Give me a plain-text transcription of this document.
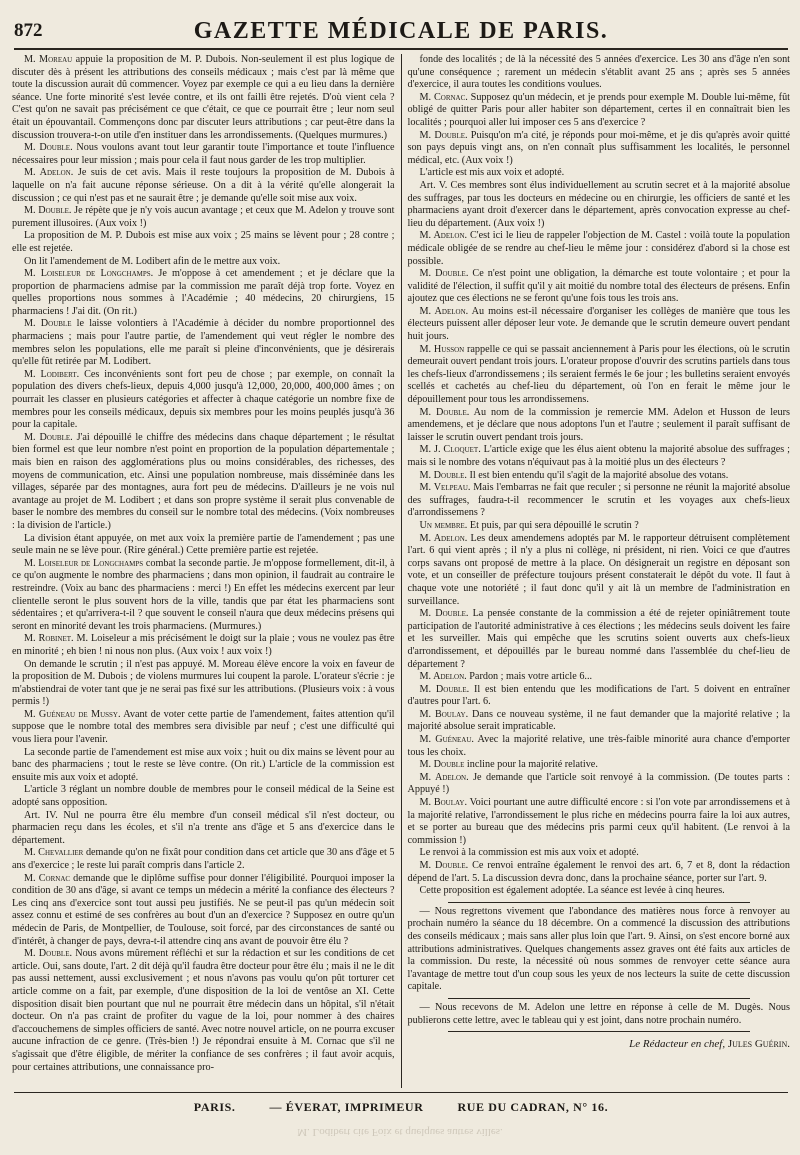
872	GAZETTE MÉDICALE DE PARIS.

M. Moreau appuie la proposition de M. P. Dubois. Non-seulement il est plus logique de discuter dès à présent les attributions des conseils médicaux ; mais c'est par là même que toute la discussion aurait dû commencer. Voyez par exemple ce qui a eu lieu dans la dernière séance. Une forte minorité s'est levée contre, et ils ont failli être rejetés. D'où vient cela ? C'est qu'on ne savait pas précisément ce que c'était, ce que ce pourrait être ; leur nom seul était un épouvantail. Commençons donc par discuter leurs attributions ; car peut-être dans la discussion trouvera-t-on utile d'en instituer dans les arrondissements. (Quelques murmures.)

M. Double. Nous voulons avant tout leur garantir toute l'importance et toute l'influence nécessaires pour leur mission ; mais pour cela il faut nous garder de les trop multiplier.

M. Adelon. Je suis de cet avis. Mais il reste toujours la proposition de M. Dubois à laquelle on n'a fait aucune réponse sérieuse. On a dit à la vérité qu'elle alongerait la discussion ; ce qui n'est pas et ne saurait être ; je demande qu'elle soit mise aux voix.

M. Double. Je répète que je n'y vois aucun avantage ; et ceux que M. Adelon y trouve sont purement illusoires. (Aux voix !)

La proposition de M. P. Dubois est mise aux voix ; 25 mains se lèvent pour ; 28 contre ; elle est rejetée.

On lit l'amendement de M. Lodibert afin de le mettre aux voix.

M. Loiseleur de Longchamps. Je m'oppose à cet amendement ; et je déclare que la proportion de pharmaciens admise par la commission me paraît déjà trop forte. Voyez en quelles proportions nous sommes à l'Académie ; 40 médecins, 20 chirurgiens, 15 pharmaciens ! J'ai dit. (On rit.)

M. Double le laisse volontiers à l'Académie à décider du nombre proportionnel des pharmaciens ; mais pour l'autre partie, de l'amendement qui veut régler le nombre des membres selon les populations, elle me paraît si pleine d'inconvénients, que je désirerais qu'elle fût retirée par M. Lodibert.

M. Lodibert. Ces inconvénients sont fort peu de chose ; par exemple, on connaît la population des divers chefs-lieux, depuis 4,000 jusqu'à 12,000, 20,000, 400,000 âmes ; on pourrait les classer en plusieurs catégories et affecter à chaque catégorie un nombre fixe de membres pour les conseils médicaux, depuis six membres pour les moins peuplés jusqu'à 36 pour la capitale.

M. Double. J'ai dépouillé le chiffre des médecins dans chaque département ; le résultat bien formel est que leur nombre n'est point en proportion de la population départementale ; mais bien en raison des agglomérations plus ou moins considérables, des richesses, des moyens de communication, etc. Ainsi une population nombreuse, mais disséminée dans les villages, séparée par des montagnes, aura fort peu de médecins. D'ailleurs je ne vois nul avantage au projet de M. Lodibert ; et dans son propre système il serait plus convenable de baser le nombre des membres du conseil sur le nombre total des médecins. (Voix nombreuses : la division de l'article.)

La division étant appuyée, on met aux voix la première partie de l'amendement ; pas une seule main ne se lève pour. (Rire général.) Cette première partie est rejetée.

M. Loiseleur de Longchamps combat la seconde partie. Je m'oppose formellement, dit-il, à ce qu'on augmente le nombre des pharmaciens ; dans mon opinion, il faudrait au contraire le restreindre. (Voix au banc des pharmaciens : merci !) En effet les médecins exercent par leur clientelle seront le plus souvent hors de la ville, tandis que par état les pharmaciens sont sédentaires ; et qu'arrivera-t-il ? que souvent le conseil n'aura que deux médecins présens qui seront en minorité devant les trois pharmaciens. (Murmures.)

M. Robinet. M. Loiseleur a mis précisément le doigt sur la plaie ; vous ne voulez pas être en minorité ; eh bien ! ni nous non plus. (Aux voix ! aux voix !)

On demande le scrutin ; il n'est pas appuyé. M. Moreau élève encore la voix en faveur de la proposition de M. Dubois ; de violens murmures lui coupent la parole. L'orateur s'écrie : je m'abstiendrai de voter tant que je ne serai pas fixé sur les attributions. (Plusieurs voix : à vous permis !)

M. Guéneau de Mussy. Avant de voter cette partie de l'amendement, faites attention qu'il suppose que le nombre total des membres sera divisible par neuf ; c'est une difficulté qui vous liera pour l'avenir.

La seconde partie de l'amendement est mise aux voix ; huit ou dix mains se lèvent pour au banc des pharmaciens ; tout le reste se lève contre. (On rit.) L'article de la commission est ensuite mis aux voix et adopté.

L'article 3 réglant un nombre double de membres pour le conseil médical de la Seine est adopté sans opposition.

Art. IV. Nul ne pourra être élu membre d'un conseil médical s'il n'est docteur, ou pharmacien reçu dans les écoles, et s'il n'a trente ans d'âge et 5 ans d'exercice dans le département.

M. Chevallier demande qu'on ne fixât pour condition dans cet article que 30 ans d'âge et 5 ans d'exercice ; le reste lui paraît compris dans l'article 2.

M. Cornac demande que le diplôme suffise pour donner l'éligibilité. Pourquoi imposer la condition de 30 ans d'âge, si avant ce temps un médecin a mérité la confiance des électeurs ? Les cinq ans d'exercice sont tout aussi peu justifiés. Ne se peut-il pas qu'un médecin soit assez connu et estimé de ses confrères au bout d'un an d'exercice ? Supposez en outre qu'un médecin de Paris, de Montpellier, de Toulouse, soit forcé, par des circonstances de santé ou d'intérêt, à changer de pays, devra-t-il attendre cinq ans avant de pouvoir être élu ?

M. Double. Nous avons mûrement réfléchi et sur la rédaction et sur les conditions de cet article. Oui, sans doute, l'art. 2 dit déjà qu'il faudra être docteur pour être élu ; mais il ne le dit pas aussi nettement, aussi exclusivement ; et nous n'avons pas voulu qu'on pût torturer cet article comme on a fait, par exemple, d'une disposition de la loi de ventôse an XI. Cette disposition disait bien pourtant que nul ne pourrait être médecin dans un hôpital, s'il n'était docteur. On n'a pas craint de profiter du vague de la loi, pour nommer à des chaires d'accouchemens de simples officiers de santé. Avec notre nouvel article, on ne pourra excuser aucune infraction de ce genre. (Très-bien !) Je répondrai ensuite à M. Cornac que s'il ne s'agissait que d'être éligible, de mériter la confiance de ses confrères ; il faut avoir acquis, pour certaines attributions, une connaissance pro-

fonde des localités ; de là la nécessité des 5 années d'exercice. Les 30 ans d'âge n'en sont qu'une conséquence ; rarement un médecin s'établit avant 25 ans ; après ses 5 années d'exercice, il aura toutes les conditions voulues.

M. Cornac. Supposez qu'un médecin, et je prends pour exemple M. Double lui-même, fût obligé de quitter Paris pour aller habiter son département, certes il en connaîtrait bien les localités ; pourquoi aller lui imposer ces 5 ans d'exercice ?

M. Double. Puisqu'on m'a cité, je réponds pour moi-même, et je dis qu'après avoir quitté son pays depuis vingt ans, on n'en connaît plus suffisamment les localités, le personnel médical, etc. (Aux voix !)

L'article est mis aux voix et adopté.

Art. V. Ces membres sont élus individuellement au scrutin secret et à la majorité absolue des suffrages, par tous les docteurs en médecine ou en chirurgie, les officiers de santé et les pharmaciens ayant droit d'exercer dans le département, après convocation expresse au chef-lieu du département. (Aux voix !)

M. Adelon. C'est ici le lieu de rappeler l'objection de M. Castel : voilà toute la population médicale obligée de se rendre au chef-lieu le même jour : considérez d'abord si la chose est possible.

M. Double. Ce n'est point une obligation, la démarche est toute volontaire ; et pour la validité de l'élection, il suffit qu'il y ait moitié du nombre total des électeurs de présens. Enfin ajoutez que ces élections ne se feront qu'une fois tous les trois ans.

M. Adelon. Au moins est-il nécessaire d'organiser les collèges de manière que tous les électeurs puissent aller déposer leur vote. Je demande que le scrutin demeure ouvert pendant huit jours.

M. Husson rappelle ce qui se passait anciennement à Paris pour les élections, où le scrutin demeurait ouvert pendant trois jours. L'orateur propose d'ouvrir des scrutins partiels dans tous les chefs-lieux d'arrondissemens ; ils seraient fermés le 6e jour ; les bulletins seraient envoyés scellés et cachetés au chef-lieu du département, où l'on en ferait le même jour le dépouillement pour tous les arrondissemens.

M. Double. Au nom de la commission je remercie MM. Adelon et Husson de leurs amendemens, et je déclare que nous adoptons l'un et l'autre ; seulement il paraît suffisant de laisser le scrutin ouvert pendant trois jours.

M. J. Cloquet. L'article exige que les élus aient obtenu la majorité absolue des suffrages ; mais si le nombre des votans n'équivaut pas à la moitié plus un des électeurs ?

M. Double. Il est bien entendu qu'il s'agit de la majorité absolue des votans.

M. Velpeau. Mais l'embarras ne fait que reculer ; si personne ne réunit la majorité absolue des suffrages, faudra-t-il recommencer le scrutin et les voyages aux chefs-lieux d'arrondissemens ?

Un membre. Et puis, par qui sera dépouillé le scrutin ?

M. Adelon. Les deux amendemens adoptés par M. le rapporteur détruisent complètement l'art. 6 qui vient après ; il n'y a plus ni collège, ni président, ni rien. Voici ce que d'autres corps savans ont proposé de mettre à la place. On désignerait un registre en déposant son vote, et un conseiller de préfecture toujours présent constaterait le dépôt du vote. Il faut à chaque vote une notoriété ; il faut donc qu'il y ait là un membre de l'administration en surveillance.

M. Double. La pensée constante de la commission a été de rejeter opiniâtrement toute participation de l'autorité administrative à ces élections ; les médecins seuls doivent les faire et les surveiller. Mais qui empêche que les scrutins soient ouverts aux chefs-lieux d'arrondissement, et dépouillés par le bureau nommé dans l'assemblée du chef-lieu de département ?

M. Adelon. Pardon ; mais votre article 6...

M. Double. Il est bien entendu que les modifications de l'art. 5 doivent en entraîner d'autres pour l'art. 6.

M. Boulay. Dans ce nouveau système, il ne faut demander que la majorité relative ; la majorité absolue serait impraticable.

M. Guéneau. Avec la majorité relative, une très-faible minorité aura chance d'emporter tous les choix.

M. Double incline pour la majorité relative.

M. Adelon. Je demande que l'article soit renvoyé à la commission. (De toutes parts : Appuyé !)

M. Boulay. Voici pourtant une autre difficulté encore : si l'on vote par arrondissemens et à la majorité relative, l'arrondissement le plus riche en médecins pourra faire la loi aux autres, et se porter au bureau que des médecins pris parmi ceux qu'il habitent. (Le renvoi à la commission !)

Le renvoi à la commission est mis aux voix et adopté.

M. Double. Ce renvoi entraîne également le renvoi des art. 6, 7 et 8, dont la rédaction dépend de l'art. 5. La discussion devra donc, dans la prochaine séance, porter sur l'art. 9.

Cette proposition est également adoptée. La séance est levée à cinq heures.

— Nous regrettons vivement que l'abondance des matières nous force à renvoyer au prochain numéro la séance du 18 décembre. On a commencé la discussion des attributions des conseils médicaux ; mais sans aller plus loin que l'art. 9. Ainsi, on s'est encore borné aux attributions administratives. Quelques changements assez graves ont été faits aux articles de la commission. Du reste, la nécessité où nous sommes de renvoyer cette séance aura l'avantage de mettre tout d'un coup sous les yeux de nos lecteurs la suite de cette discussion capitale.

— Nous recevons de M. Adelon une lettre en réponse à celle de M. Dugès. Nous publierons cette lettre, avec le tableau qui y est joint, dans notre prochain numéro.

Le Rédacteur en chef, Jules Guérin.

PARIS.	— ÉVERAT, IMPRIMEUR	RUE DU CADRAN, N° 16.
M. Lodibert cite Foix et quelques autres villes.
